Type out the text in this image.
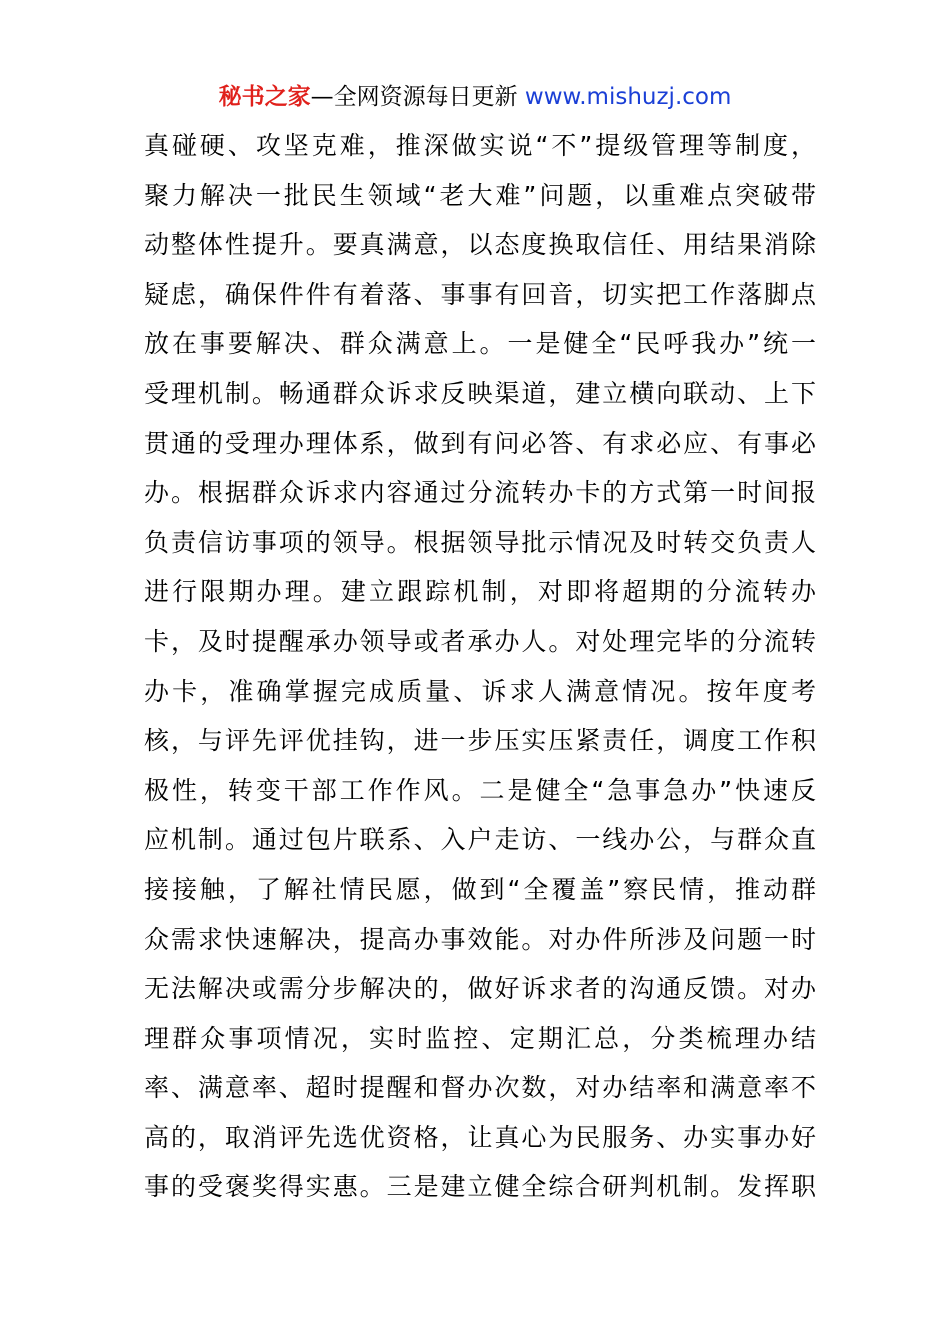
秘书之家—全网资源每日更新 www.mishuzj.com
真碰硬、攻坚克难，推深做实说“不”提级管理等制度，
聚力解决一批民生领域“老大难”问题，以重难点突破带
动整体性提升。要真满意，以态度换取信任、用结果消除
疑虑，确保件件有着落、事事有回音，切实把工作落脚点
放在事要解决、群众满意上。一是健全“民呼我办”统一
受理机制。畅通群众诉求反映渠道，建立横向联动、上下
贯通的受理办理体系，做到有问必答、有求必应、有事必
办。根据群众诉求内容通过分流转办卡的方式第一时间报
负责信访事项的领导。根据领导批示情况及时转交负责人
进行限期办理。建立跟踪机制，对即将超期的分流转办
卡，及时提醒承办领导或者承办人。对处理完毕的分流转
办卡，准确掌握完成质量、诉求人满意情况。按年度考
核，与评先评优挂钩，进一步压实压紧责任，调度工作积
极性，转变干部工作作风。二是健全“急事急办”快速反
应机制。通过包片联系、入户走访、一线办公，与群众直
接接触，了解社情民愿，做到“全覆盖”察民情，推动群
众需求快速解决，提高办事效能。对办件所涉及问题一时
无法解决或需分步解决的，做好诉求者的沟通反馈。对办
理群众事项情况，实时监控、定期汇总，分类梳理办结
率、满意率、超时提醒和督办次数，对办结率和满意率不
高的，取消评先选优资格，让真心为民服务、办实事办好
事的受褒奖得实惠。三是建立健全综合研判机制。发挥职
